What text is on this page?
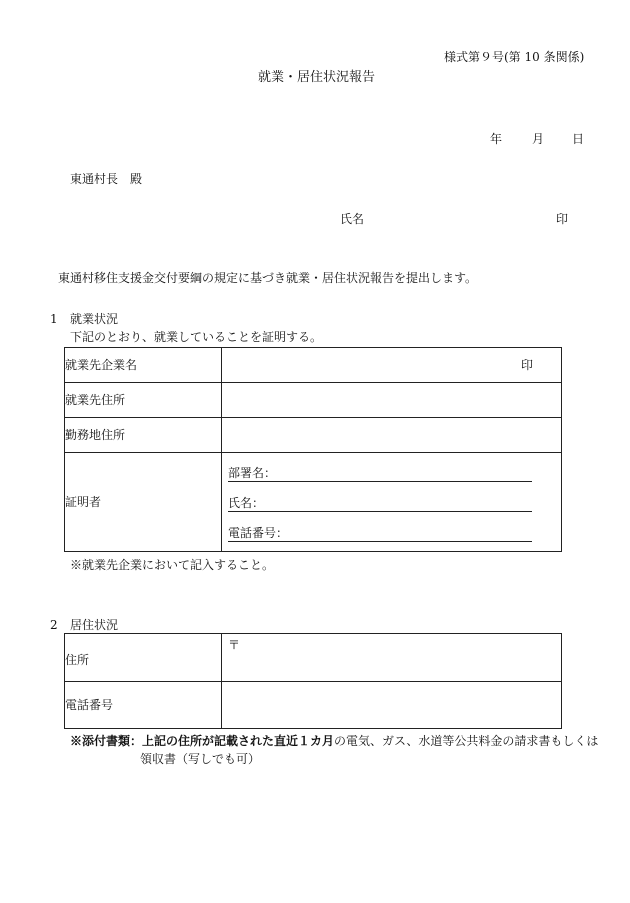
様式第９号(第 10 条関係)
就業・居住状況報告
年 月 日
東通村長　殿
氏名	印
東通村移住支援金交付要綱の規定に基づき就業・居住状況報告を提出します。
1 就業状況
下記のとおり、就業していることを証明する。
就業先企業名	印

就業先住所	
勤務地住所	
証明者	部署名：
氏名：
電話番号：
※就業先企業において記入すること。
2 居住状況
住所	〒

電話番号	
※添付書類：上記の住所が記載された直近１カ月の電気、ガス、水道等公共料金の請求書もしくは
領収書（写しでも可）
